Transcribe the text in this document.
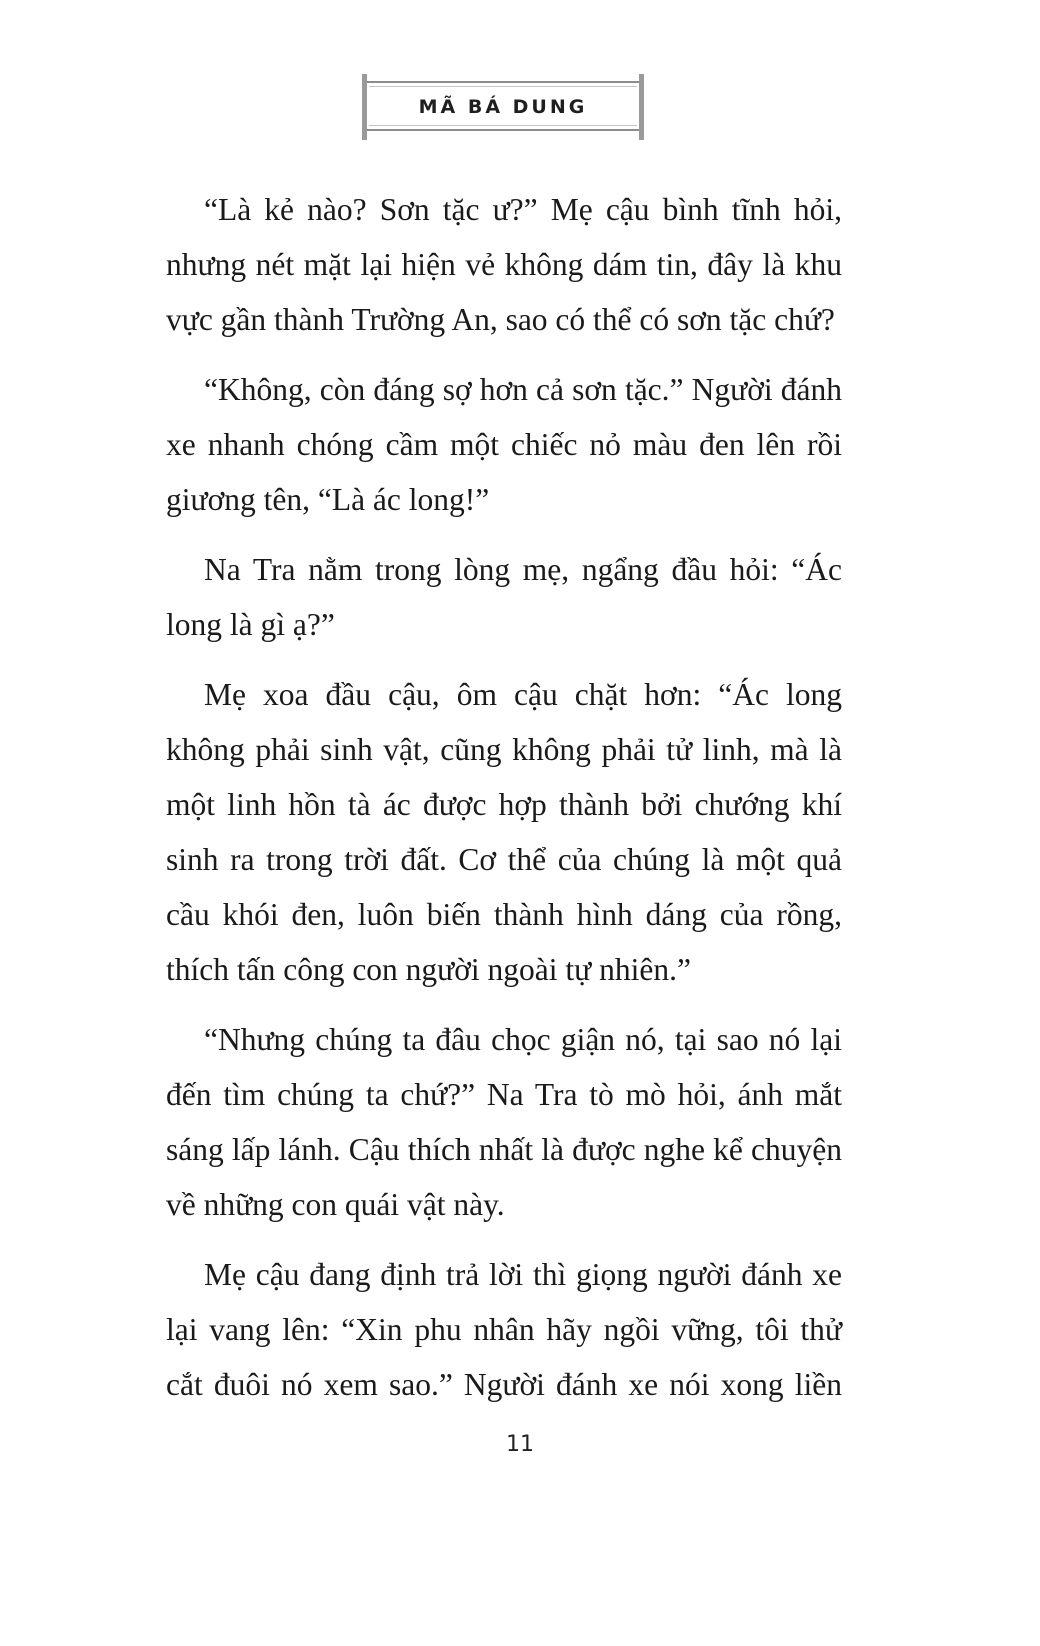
MÃ BÁ DUNG

“Là kẻ nào? Sơn tặc ư?” Mẹ cậu bình tĩnh hỏi, nhưng nét mặt lại hiện vẻ không dám tin, đây là khu vực gần thành Trường An, sao có thể có sơn tặc chứ?

“Không, còn đáng sợ hơn cả sơn tặc.” Người đánh xe nhanh chóng cầm một chiếc nỏ màu đen lên rồi giương tên, “Là ác long!”

Na Tra nằm trong lòng mẹ, ngẩng đầu hỏi: “Ác long là gì ạ?”

Mẹ xoa đầu cậu, ôm cậu chặt hơn: “Ác long không phải sinh vật, cũng không phải tử linh, mà là một linh hồn tà ác được hợp thành bởi chướng khí sinh ra trong trời đất. Cơ thể của chúng là một quả cầu khói đen, luôn biến thành hình dáng của rồng, thích tấn công con người ngoài tự nhiên.”

“Nhưng chúng ta đâu chọc giận nó, tại sao nó lại đến tìm chúng ta chứ?” Na Tra tò mò hỏi, ánh mắt sáng lấp lánh. Cậu thích nhất là được nghe kể chuyện về những con quái vật này.

Mẹ cậu đang định trả lời thì giọng người đánh xe lại vang lên: “Xin phu nhân hãy ngồi vững, tôi thử cắt đuôi nó xem sao.” Người đánh xe nói xong liền

11
